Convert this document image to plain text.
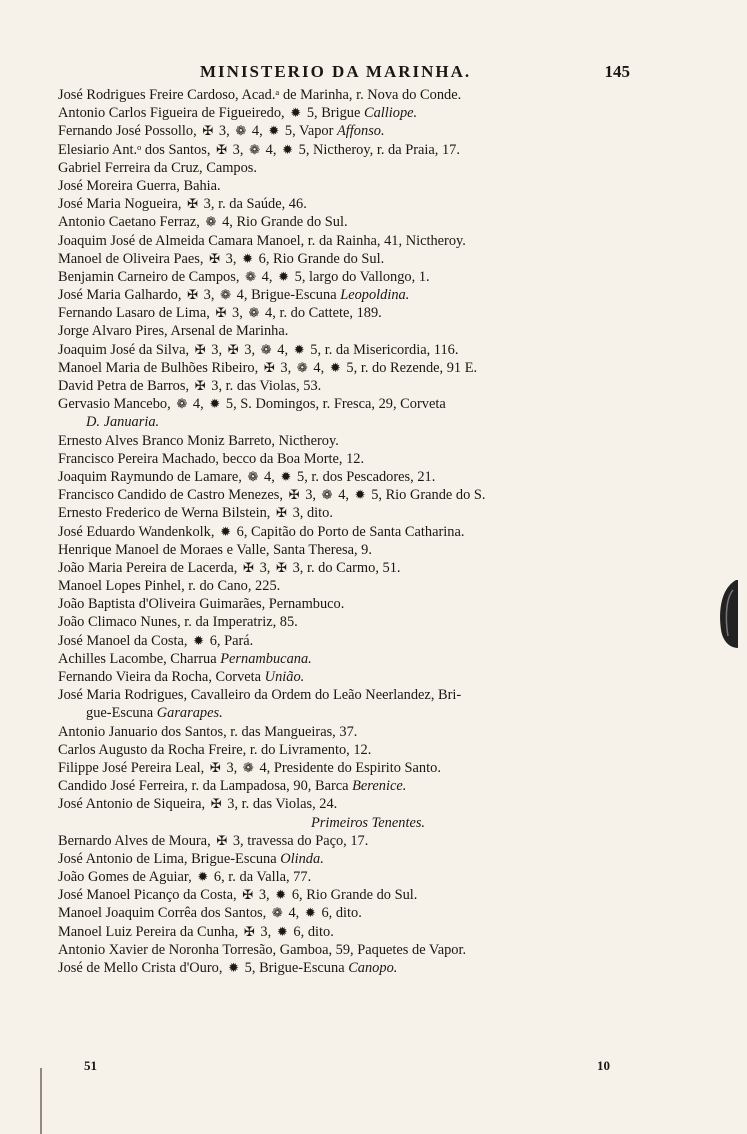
MINISTERIO DA MARINHA.	145
José Rodrigues Freire Cardoso, Acad.ᵃ de Marinha, r. Nova do Conde.
Antonio Carlos Figueira de Figueiredo, ✹ 5, Brigue Calliope.
Fernando José Possollo, ✠ 3, ❁ 4, ✹ 5, Vapor Affonso.
Elesiario Ant.ᵒ dos Santos, ✠ 3, ❁ 4, ✹ 5, Nictheroy, r. da Praia, 17.
Gabriel Ferreira da Cruz, Campos.
José Moreira Guerra, Bahia.
José Maria Nogueira, ✠ 3, r. da Saúde, 46.
Antonio Caetano Ferraz, ❁ 4, Rio Grande do Sul.
Joaquim José de Almeida Camara Manoel, r. da Rainha, 41, Nictheroy.
Manoel de Oliveira Paes, ✠ 3, ✹ 6, Rio Grande do Sul.
Benjamin Carneiro de Campos, ❁ 4, ✹ 5, largo do Vallongo, 1.
José Maria Galhardo, ✠ 3, ❁ 4, Brigue-Escuna Leopoldina.
Fernando Lasaro de Lima, ✠ 3, ❁ 4, r. do Cattete, 189.
Jorge Alvaro Pires, Arsenal de Marinha.
Joaquim José da Silva, ✠ 3, ✠ 3, ❁ 4, ✹ 5, r. da Misericordia, 116.
Manoel Maria de Bulhões Ribeiro, ✠ 3, ❁ 4, ✹ 5, r. do Rezende, 91 E.
David Petra de Barros, ✠ 3, r. das Violas, 53.
Gervasio Mancebo, ❁ 4, ✹ 5, S. Domingos, r. Fresca, 29, Corveta
D. Januaria.
Ernesto Alves Branco Moniz Barreto, Nictheroy.
Francisco Pereira Machado, becco da Boa Morte, 12.
Joaquim Raymundo de Lamare, ❁ 4, ✹ 5, r. dos Pescadores, 21.
Francisco Candido de Castro Menezes, ✠ 3, ❁ 4, ✹ 5, Rio Grande do S.
Ernesto Frederico de Werna Bilstein, ✠ 3, dito.
José Eduardo Wandenkolk, ✹ 6, Capitão do Porto de Santa Catharina.
Henrique Manoel de Moraes e Valle, Santa Theresa, 9.
João Maria Pereira de Lacerda, ✠ 3, ✠ 3, r. do Carmo, 51.
Manoel Lopes Pinhel, r. do Cano, 225.
João Baptista d'Oliveira Guimarães, Pernambuco.
João Climaco Nunes, r. da Imperatriz, 85.
José Manoel da Costa, ✹ 6, Pará.
Achilles Lacombe, Charrua Pernambucana.
Fernando Vieira da Rocha, Corveta União.
José Maria Rodrigues, Cavalleiro da Ordem do Leão Neerlandez, Bri-
gue-Escuna Gararapes.
Antonio Januario dos Santos, r. das Mangueiras, 37.
Carlos Augusto da Rocha Freire, r. do Livramento, 12.
Filippe José Pereira Leal, ✠ 3, ❁ 4, Presidente do Espirito Santo.
Candido José Ferreira, r. da Lampadosa, 90, Barca Berenice.
José Antonio de Siqueira, ✠ 3, r. das Violas, 24.
Primeiros Tenentes.
Bernardo Alves de Moura, ✠ 3, travessa do Paço, 17.
José Antonio de Lima, Brigue-Escuna Olinda.
João Gomes de Aguiar, ✹ 6, r. da Valla, 77.
José Manoel Picanço da Costa, ✠ 3, ✹ 6, Rio Grande do Sul.
Manoel Joaquim Corrêa dos Santos, ❁ 4, ✹ 6, dito.
Manoel Luiz Pereira da Cunha, ✠ 3, ✹ 6, dito.
Antonio Xavier de Noronha Torresão, Gamboa, 59, Paquetes de Vapor.
José de Mello Crista d'Ouro, ✹ 5, Brigue-Escuna Canopo.
51	10
